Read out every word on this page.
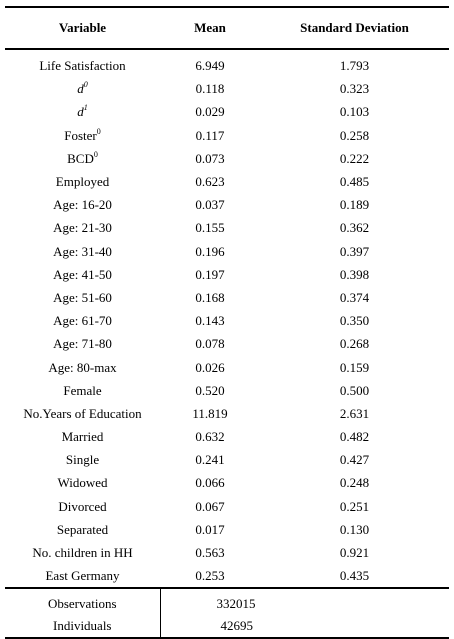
Variable	Mean	Standard Deviation
Life Satisfaction	6.949	1.793
$d^0$	0.118	0.323
$d^1$	0.029	0.103
Foster$^0$	0.117	0.258
BCD$^0$	0.073	0.222
Employed	0.623	0.485
Age: 16-20	0.037	0.189
Age: 21-30	0.155	0.362
Age: 31-40	0.196	0.397
Age: 41-50	0.197	0.398
Age: 51-60	0.168	0.374
Age: 61-70	0.143	0.350
Age: 71-80	0.078	0.268
Age: 80-max	0.026	0.159
Female	0.520	0.500
No.Years of Education	11.819	2.631
Married	0.632	0.482
Single	0.241	0.427
Widowed	0.066	0.248
Divorced	0.067	0.251
Separated	0.017	0.130
No. children in HH	0.563	0.921
East Germany	0.253	0.435
Observations	332015	
Individuals	42695	
